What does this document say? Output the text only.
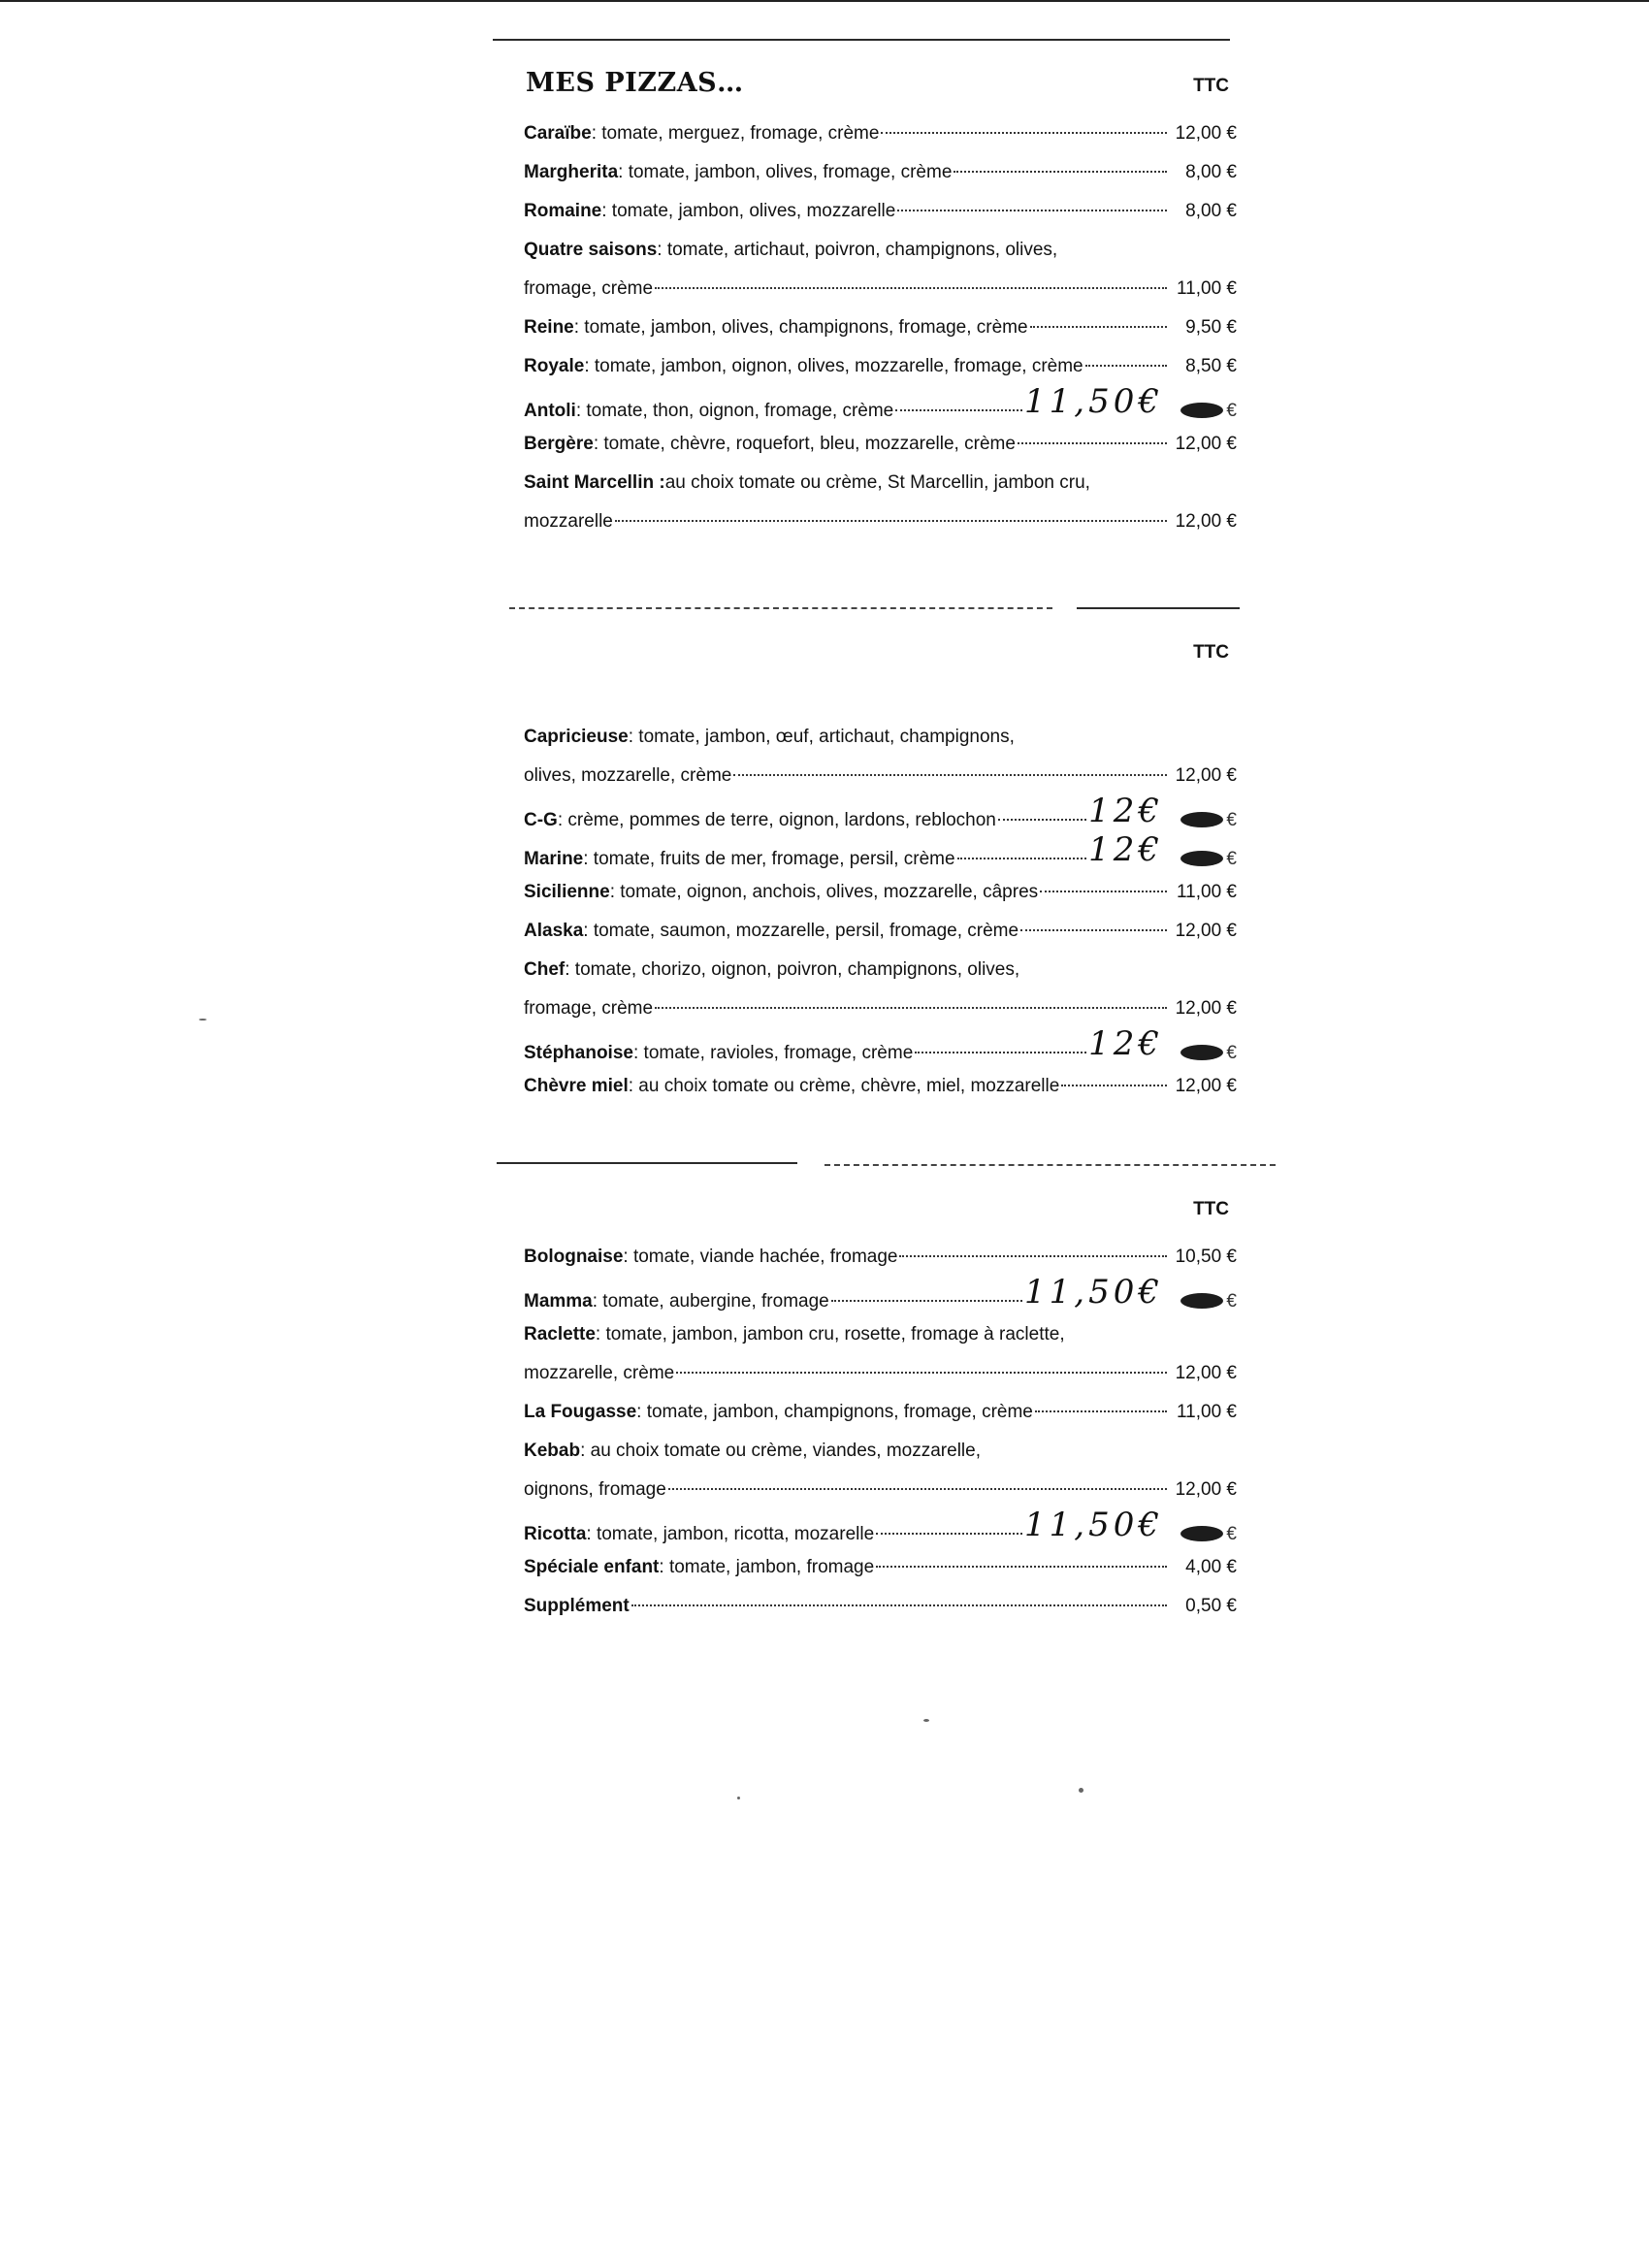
MES PIZZAS…	TTC
Caraïbe : tomate, merguez, fromage, crème	12,00 €
Margherita : tomate, jambon, olives, fromage, crème	8,00 €
Romaine : tomate, jambon, olives, mozzarelle	8,00 €
Quatre saisons : tomate, artichaut, poivron, champignons, olives,
fromage, crème	11,00 €
Reine : tomate, jambon, olives, champignons, fromage, crème	9,50 €
Royale : tomate, jambon, oignon, olives, mozzarelle, fromage, crème	8,50 €
Antoli : tomate, thon, oignon, fromage, crème	11,50€	€
Bergère : tomate, chèvre, roquefort, bleu, mozzarelle, crème	12,00 €
Saint Marcellin : au choix tomate ou crème, St Marcellin, jambon cru,
mozzarelle	12,00 €
TTC
Capricieuse : tomate, jambon, œuf, artichaut, champignons,
olives, mozzarelle, crème	12,00 €
C-G : crème, pommes de terre, oignon, lardons, reblochon	12€	€
Marine : tomate, fruits de mer, fromage, persil, crème	12€	€
Sicilienne : tomate, oignon, anchois, olives, mozzarelle, câpres	11,00 €
Alaska : tomate, saumon, mozzarelle, persil, fromage, crème	12,00 €
Chef : tomate, chorizo, oignon, poivron, champignons, olives,
fromage, crème	12,00 €
Stéphanoise : tomate, ravioles, fromage, crème	12€	€
Chèvre miel : au choix tomate ou crème, chèvre, miel, mozzarelle	12,00 €
TTC
Bolognaise : tomate, viande hachée, fromage	10,50 €
Mamma : tomate, aubergine, fromage	11,50€	€
Raclette : tomate, jambon, jambon cru, rosette, fromage à raclette,
mozzarelle, crème	12,00 €
La Fougasse : tomate, jambon, champignons, fromage, crème	11,00 €
Kebab : au choix tomate ou crème, viandes, mozzarelle,
oignons, fromage	12,00 €
Ricotta : tomate, jambon, ricotta, mozarelle	11,50€	€
Spéciale enfant : tomate, jambon, fromage	4,00 €
Supplément	0,50 €
